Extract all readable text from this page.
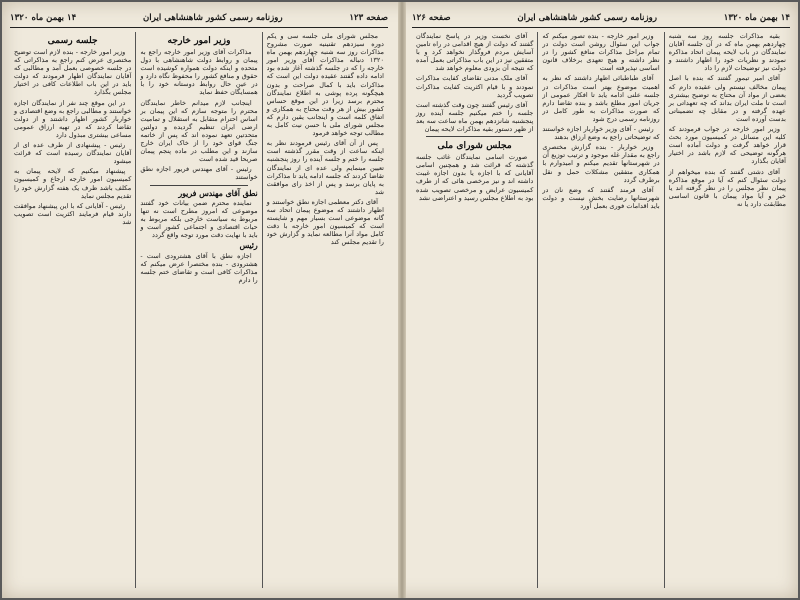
صفحه ۱۲۳
روزنامه رسمی کشور شاهنشاهی ایران
۱۴ بهمن ماه ۱۳۲۰

مجلس شورای ملی جلسه سی و یکم دوره سیزدهم تقنینیه صورت مشروح مذاکرات روز سه شنبه چهاردهم بهمن ماه ۱۳۲۰ دنباله مذاکرات آقای وزیر امور خارجه را که در جلسه گذشته آغاز شده بود ادامه داده گفتند عقیده دولت این است که مذاکرات باید با کمال صراحت و بدون هیچگونه پرده پوشی به اطلاع نمایندگان محترم برسد زیرا در این موقع حساس کشور بیش از هر وقت محتاج به همکاری و اتفاق کلمه است و اینجانب یقین دارم که مجلس شورای ملی با حسن نیت کامل به مطالب توجه خواهد فرمود

پس از آن آقای رئیس فرمودند نظر به اینکه ساعت از وقت مقرر گذشته است جلسه را ختم و جلسه آینده را روز پنجشنبه تعیین مینمایم ولی عده ای از نمایندگان تقاضا کردند که جلسه ادامه یابد تا مذاکرات به پایان برسد و پس از اخذ رای موافقت شد

آقای دکتر معظمی اجازه نطق خواستند و اظهار داشتند که موضوع پیمان اتحاد سه گانه موضوعی است بسیار مهم و شایسته است که کمیسیون امور خارجه با دقت کامل مواد آنرا مطالعه نماید و گزارش خود را تقدیم مجلس کند

وزیر امور خارجه

مذاکرات آقای وزیر امور خارجه راجع به پیمان و روابط دولت شاهنشاهی با دول متحده و اینکه دولت همواره کوشیده است حقوق و منافع کشور را محفوظ نگاه دارد و در عین حال روابط دوستانه خود را با همسایگان حفظ نماید

اینجانب لازم میدانم خاطر نمایندگان محترم را متوجه سازم که این پیمان بر اساس احترام متقابل به استقلال و تمامیت ارضی ایران تنظیم گردیده و دولتین متحدتین تعهد نموده اند که پس از خاتمه جنگ قوای خود را از خاک ایران خارج سازند و این مطلب در ماده پنجم پیمان صریحا قید شده است

رئیس - آقای مهندس فریور اجازه نطق خواستند

نطق آقای مهندس فریور

نماینده محترم ضمن بیانات خود گفتند موضوعی که امروز مطرح است نه تنها مربوط به سیاست خارجی بلکه مربوط به حیات اقتصادی و اجتماعی کشور است و باید با نهایت دقت مورد توجه واقع گردد

رئیس

اجازه نطق با آقای هشترودی است - هشترودی - بنده مختصرا عرض میکنم که مذاکرات کافی است و تقاضای ختم جلسه را دارم

جلسه رسمی

وزیر امور خارجه - بنده لازم است توضیح مختصری عرض کنم راجع به مذاکراتی که در جلسه خصوصی بعمل آمد و مطالبی که آقایان نمایندگان اظهار فرمودند که دولت باید در این باب اطلاعات کافی در اختیار مجلس بگذارد

در این موقع چند نفر از نمایندگان اجازه خواستند و مطالبی راجع به وضع اقتصادی و خواربار کشور اظهار داشتند و از دولت تقاضا کردند که در تهیه ارزاق عمومی مساعی بیشتری مبذول دارد

رئیس - پیشنهادی از طرف عده ای از آقایان نمایندگان رسیده است که قرائت میشود

پیشنهاد میکنیم که لایحه پیمان به کمیسیون امور خارجه ارجاع و کمیسیون مکلف باشد ظرف یک هفته گزارش خود را تقدیم مجلس نماید

رئیس - آقایانی که با این پیشنهاد موافقت دارند قیام فرمایند اکثریت است تصویب شد

۱۴ بهمن ماه ۱۳۲۰
روزنامه رسمی کشور شاهنشاهی ایران
صفحه ۱۲۶

بقیه مذاکرات جلسه روز سه شنبه چهاردهم بهمن ماه که در آن جلسه آقایان نمایندگان در باب لایحه پیمان اتحاد مذاکره نمودند و نظریات خود را اظهار داشتند و دولت نیز توضیحات لازم را داد

آقای امیر تیمور گفتند که بنده با اصل پیمان مخالف نیستم ولی عقیده دارم که بعضی از مواد آن محتاج به توضیح بیشتری است تا ملت ایران بداند که چه تعهداتی بر عهده گرفته و در مقابل چه تضمیناتی بدست آورده است

وزیر امور خارجه در جواب فرمودند که کلیه این مسائل در کمیسیون مورد بحث قرار خواهد گرفت و دولت آماده است هرگونه توضیحی که لازم باشد در اختیار آقایان بگذارد

آقای دشتی گفتند که بنده میخواهم از دولت سئوال کنم که آیا در موقع مذاکره پیمان نظر مجلس را در نظر گرفته اند یا خیر و آیا مواد پیمان با قانون اساسی مطابقت دارد یا نه

وزیر امور خارجه - بنده تصور میکنم که جواب این سئوال روشن است دولت در تمام مراحل مذاکرات منافع کشور را در نظر داشته و هیچ تعهدی برخلاف قانون اساسی نپذیرفته است

آقای طباطبائی اظهار داشتند که نظر به اهمیت موضوع بهتر است مذاکرات در جلسه علنی ادامه یابد تا افکار عمومی از جریان امور مطلع باشد و بنده تقاضا دارم که صورت مذاکرات به طور کامل در روزنامه رسمی درج شود

رئیس - آقای وزیر خواربار اجازه خواستند که توضیحاتی راجع به وضع ارزاق بدهند

وزیر خواربار - بنده گزارش مختصری راجع به مقدار غله موجود و ترتیب توزیع آن در شهرستانها تقدیم میکنم و امیدوارم با همکاری متفقین مشکلات حمل و نقل برطرف گردد

آقای فرمند گفتند که وضع نان در شهرستانها رضایت بخش نیست و دولت باید اقدامات فوری بعمل آورد

آقای نخست وزیر در پاسخ نمایندگان گفتند که دولت از هیچ اقدامی در راه تامین آسایش مردم فروگذار نخواهد کرد و با متفقین نیز در این باب مذاکراتی بعمل آمده که نتیجه آن بزودی معلوم خواهد شد

آقای ملک مدنی تقاضای کفایت مذاکرات نمودند و با قیام اکثریت کفایت مذاکرات تصویب گردید

آقای رئیس گفتند چون وقت گذشته است جلسه را ختم میکنیم جلسه آینده روز پنجشنبه شانزدهم بهمن ماه ساعت سه بعد از ظهر دستور بقیه مذاکرات لایحه پیمان

مجلس شورای ملی

صورت اسامی نمایندگان غائب جلسه گذشته که قرائت شد و همچنین اسامی آقایانی که با اجازه یا بدون اجازه غیبت داشته اند و نیز مرخصی هائی که از طرف کمیسیون عرایض و مرخصی تصویب شده بود به اطلاع مجلس رسید و اعتراضی نشد
